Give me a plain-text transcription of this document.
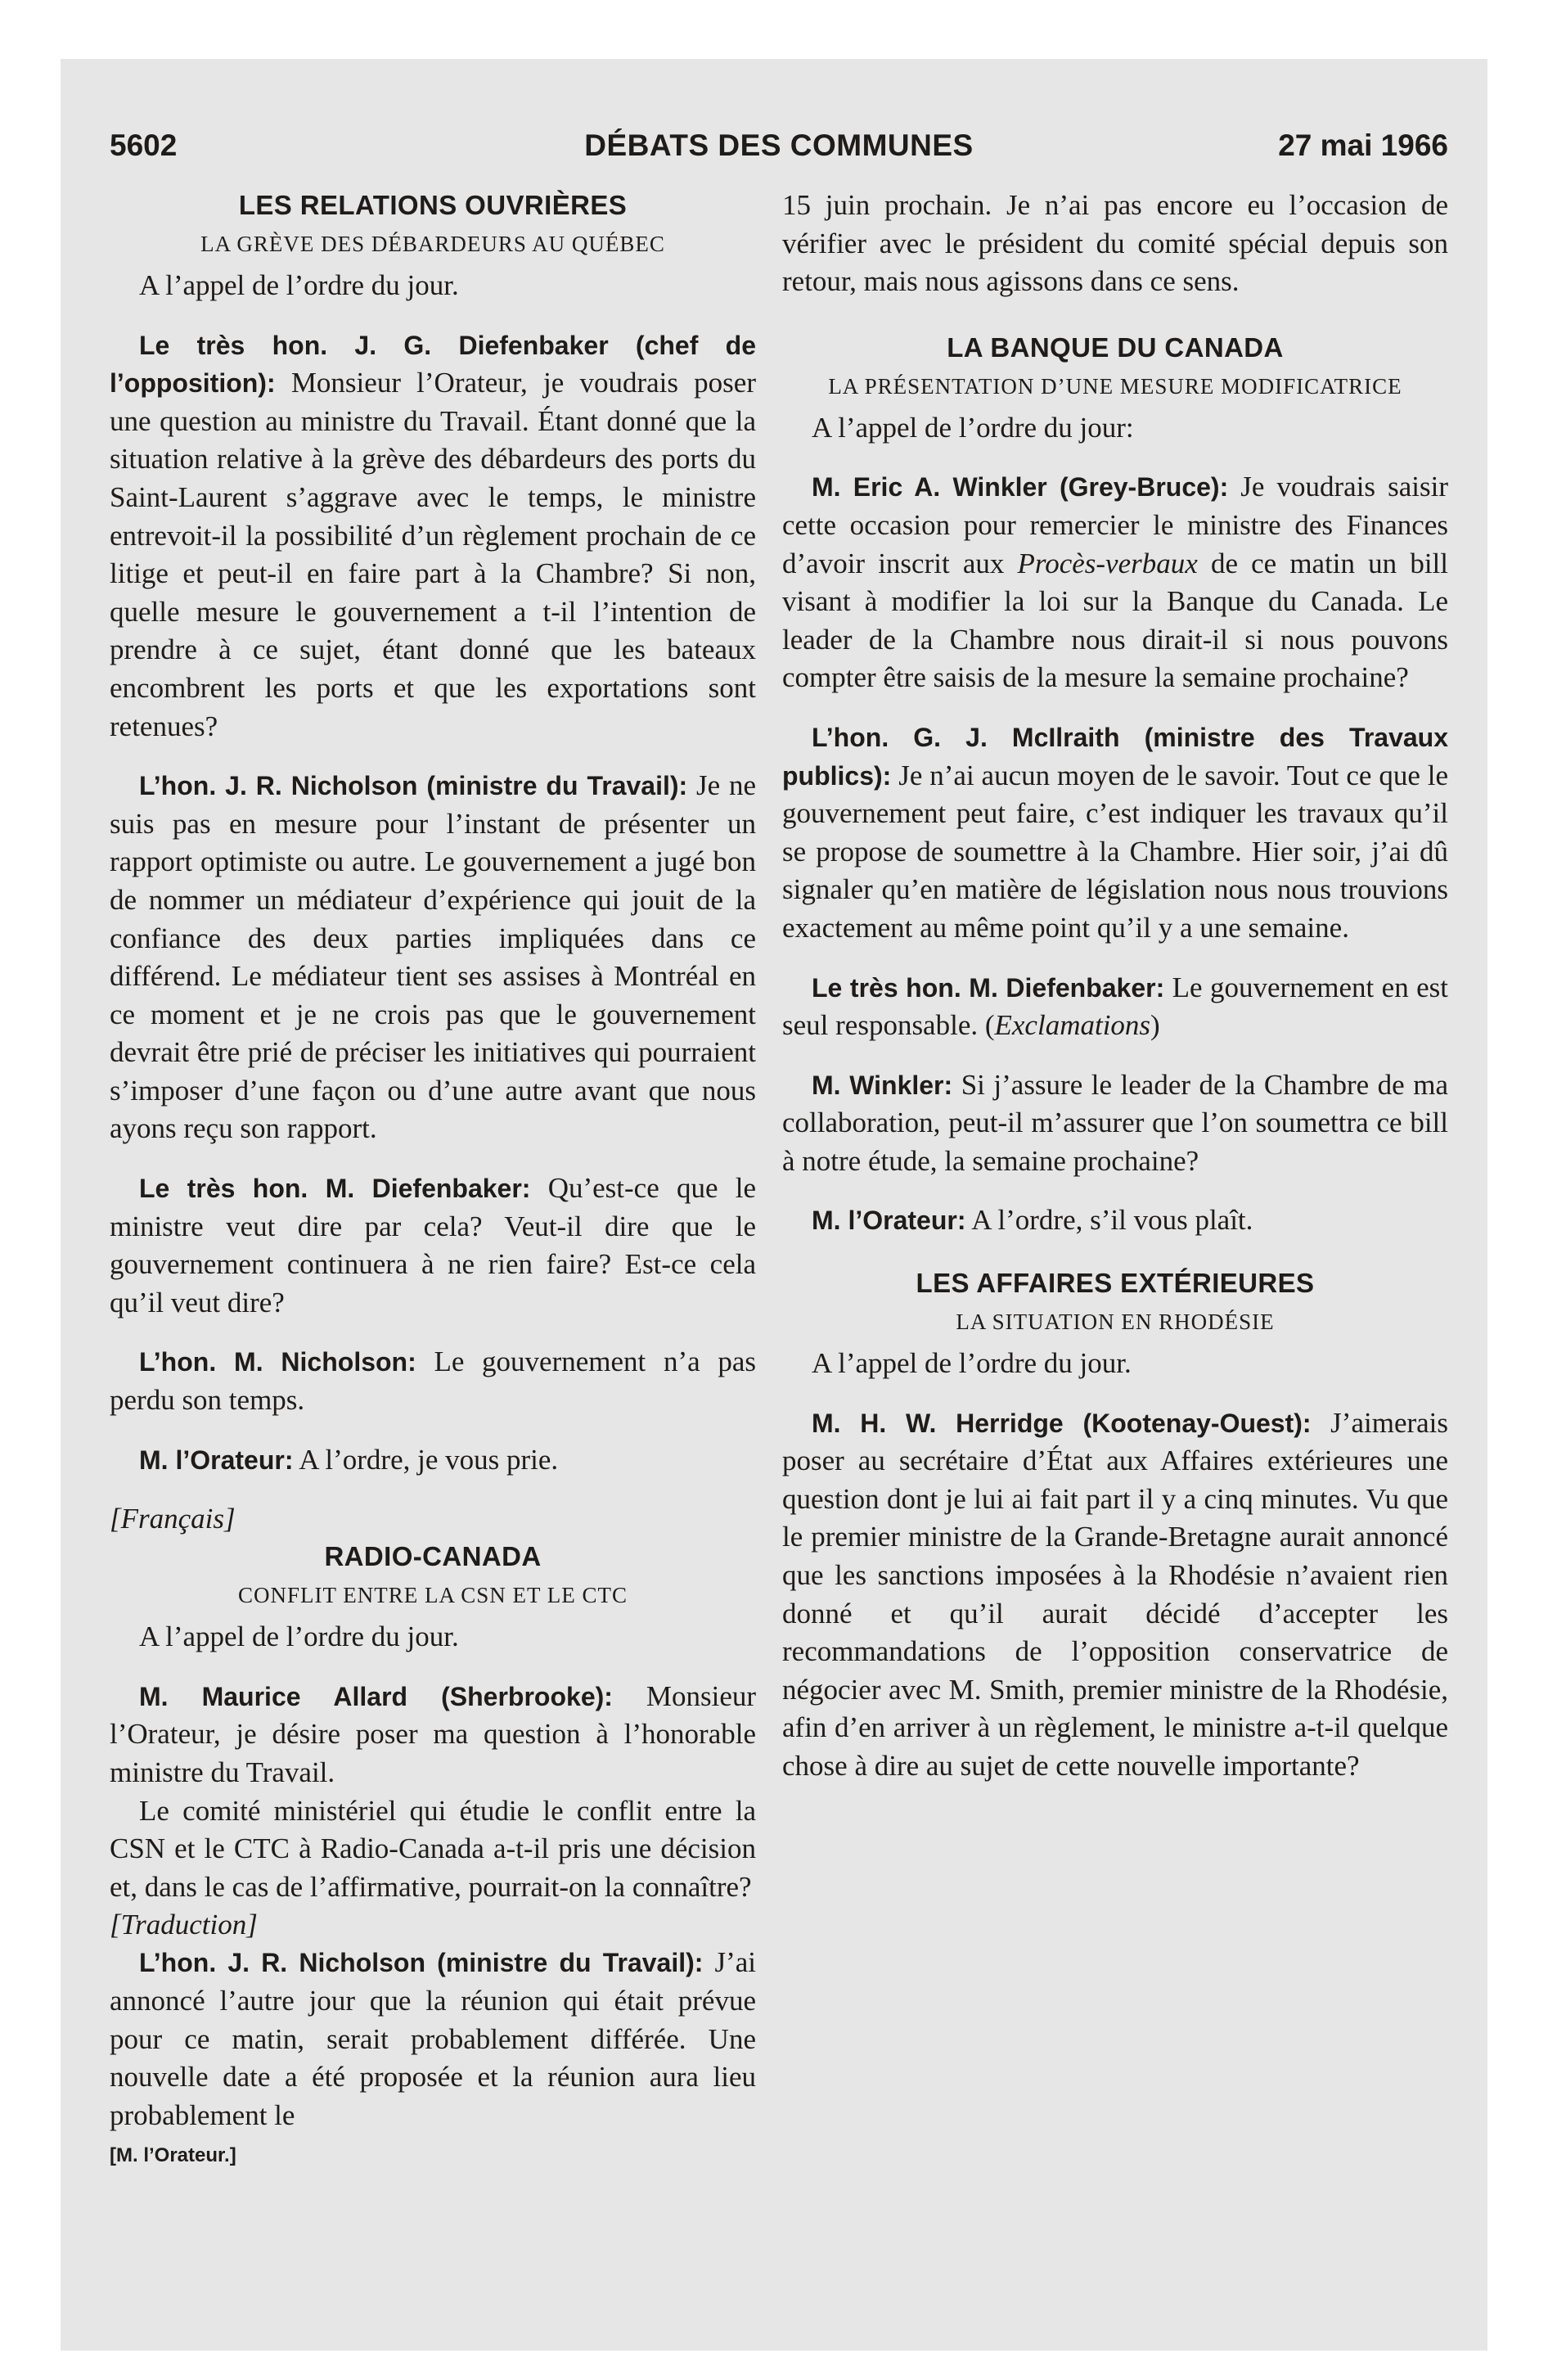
5602	DÉBATS DES COMMUNES	27 mai 1966
LES RELATIONS OUVRIÈRES
LA GRÈVE DES DÉBARDEURS AU QUÉBEC

A l’appel de l’ordre du jour.

Le très hon. J. G. Diefenbaker (chef de l’opposition): Monsieur l’Orateur, je voudrais poser une question au ministre du Travail. Étant donné que la situation relative à la grève des débardeurs des ports du Saint-Laurent s’aggrave avec le temps, le ministre entrevoit-il la possibilité d’un règlement prochain de ce litige et peut-il en faire part à la Chambre? Si non, quelle mesure le gouvernement a t-il l’intention de prendre à ce sujet, étant donné que les bateaux encombrent les ports et que les exportations sont retenues?

L’hon. J. R. Nicholson (ministre du Travail): Je ne suis pas en mesure pour l’instant de présenter un rapport optimiste ou autre. Le gouvernement a jugé bon de nommer un médiateur d’expérience qui jouit de la confiance des deux parties impliquées dans ce différend. Le médiateur tient ses assises à Montréal en ce moment et je ne crois pas que le gouvernement devrait être prié de préciser les initiatives qui pourraient s’imposer d’une façon ou d’une autre avant que nous ayons reçu son rapport.

Le très hon. M. Diefenbaker: Qu’est-ce que le ministre veut dire par cela? Veut-il dire que le gouvernement continuera à ne rien faire? Est-ce cela qu’il veut dire?

L’hon. M. Nicholson: Le gouvernement n’a pas perdu son temps.

M. l’Orateur: A l’ordre, je vous prie.

[Français]

RADIO-CANADA
CONFLIT ENTRE LA CSN ET LE CTC

A l’appel de l’ordre du jour.

M. Maurice Allard (Sherbrooke): Monsieur l’Orateur, je désire poser ma question à l’honorable ministre du Travail.

Le comité ministériel qui étudie le conflit entre la CSN et le CTC à Radio-Canada a-t-il pris une décision et, dans le cas de l’affirmative, pourrait-on la connaître?

[Traduction]

L’hon. J. R. Nicholson (ministre du Travail): J’ai annoncé l’autre jour que la réunion qui était prévue pour ce matin, serait probablement différée. Une nouvelle date a été proposée et la réunion aura lieu probablement le

[M. l’Orateur.]

15 juin prochain. Je n’ai pas encore eu l’occasion de vérifier avec le président du comité spécial depuis son retour, mais nous agissons dans ce sens.

LA BANQUE DU CANADA
LA PRÉSENTATION D’UNE MESURE MODIFICATRICE

A l’appel de l’ordre du jour:

M. Eric A. Winkler (Grey-Bruce): Je voudrais saisir cette occasion pour remercier le ministre des Finances d’avoir inscrit aux Procès-verbaux de ce matin un bill visant à modifier la loi sur la Banque du Canada. Le leader de la Chambre nous dirait-il si nous pouvons compter être saisis de la mesure la semaine prochaine?

L’hon. G. J. McIlraith (ministre des Travaux publics): Je n’ai aucun moyen de le savoir. Tout ce que le gouvernement peut faire, c’est indiquer les travaux qu’il se propose de soumettre à la Chambre. Hier soir, j’ai dû signaler qu’en matière de législation nous nous trouvions exactement au même point qu’il y a une semaine.

Le très hon. M. Diefenbaker: Le gouvernement en est seul responsable. (Exclamations)

M. Winkler: Si j’assure le leader de la Chambre de ma collaboration, peut-il m’assurer que l’on soumettra ce bill à notre étude, la semaine prochaine?

M. l’Orateur: A l’ordre, s’il vous plaît.

LES AFFAIRES EXTÉRIEURES
LA SITUATION EN RHODÉSIE

A l’appel de l’ordre du jour.

M. H. W. Herridge (Kootenay-Ouest): J’aimerais poser au secrétaire d’État aux Affaires extérieures une question dont je lui ai fait part il y a cinq minutes. Vu que le premier ministre de la Grande-Bretagne aurait annoncé que les sanctions imposées à la Rhodésie n’avaient rien donné et qu’il aurait décidé d’accepter les recommandations de l’opposition conservatrice de négocier avec M. Smith, premier ministre de la Rhodésie, afin d’en arriver à un règlement, le ministre a-t-il quelque chose à dire au sujet de cette nouvelle importante?
